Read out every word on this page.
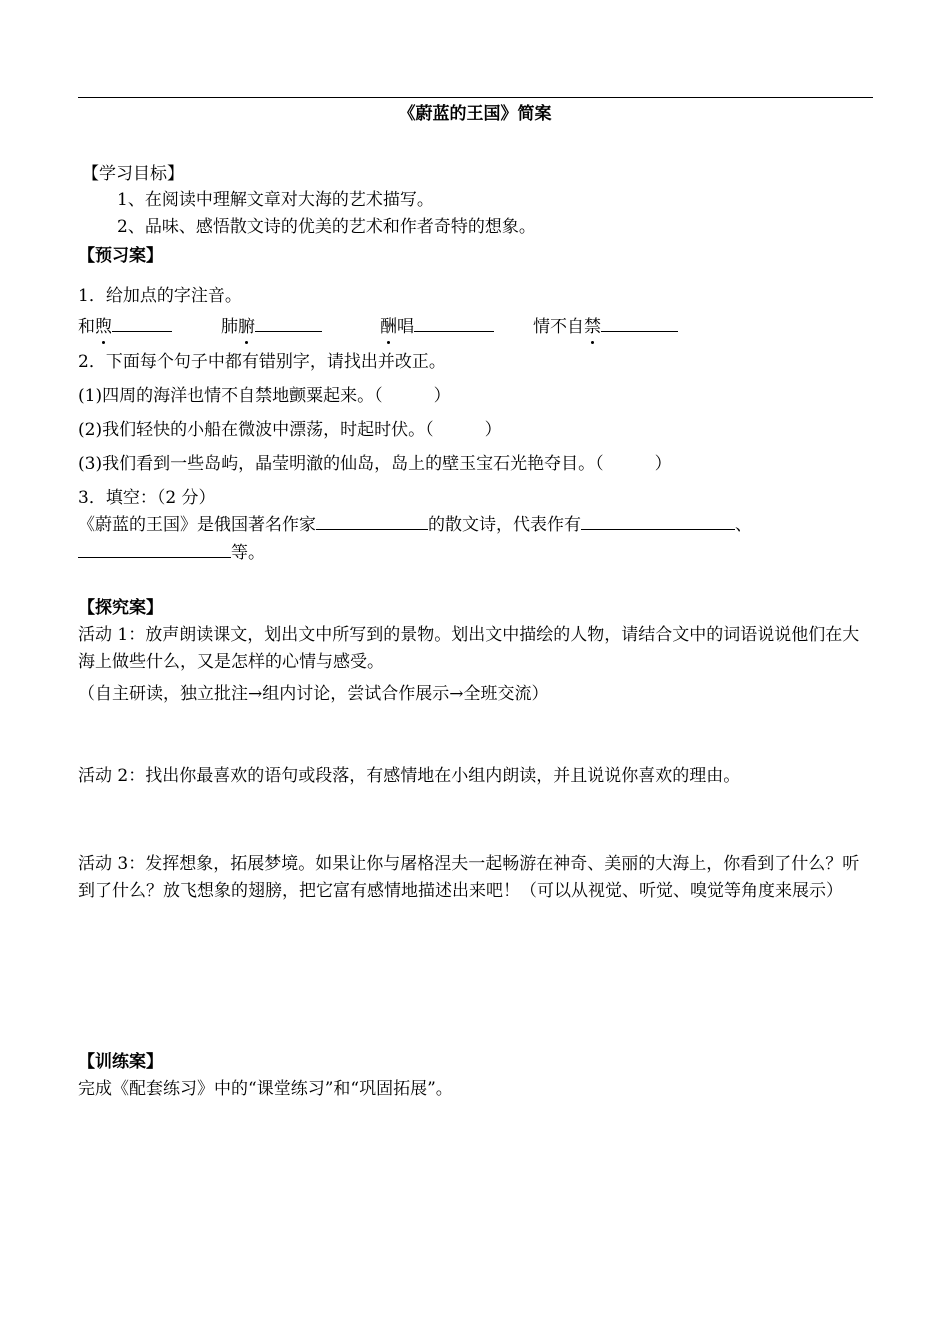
《蔚蓝的王国》简案
【学习目标】
1、在阅读中理解文章对大海的艺术描写。
2、品味、感悟散文诗的优美的艺术和作者奇特的想象。
【预习案】
1．给加点的字注音。
和煦	肺腑	酬唱	情不自禁
2．下面每个句子中都有错别字，请找出并改正。
(1)四周的海洋也情不自禁地颤粟起来。（　　　）
(2)我们轻快的小船在微波中漂荡，时起时伏。（　　　）
(3)我们看到一些岛屿，晶莹明澈的仙岛，岛上的壁玉宝石光艳夺目。（　　　）
3．填空：（2 分）
《蔚蓝的王国》是俄国著名作家	的散文诗，代表作有	、
等。
【探究案】
活动 1：放声朗读课文，划出文中所写到的景物。划出文中描绘的人物，请结合文中的词语说说他们在大海上做些什么，又是怎样的心情与感受。
（自主研读，独立批注→组内讨论，尝试合作展示→全班交流）
活动 2：找出你最喜欢的语句或段落，有感情地在小组内朗读，并且说说你喜欢的理由。
活动 3：发挥想象，拓展梦境。如果让你与屠格涅夫一起畅游在神奇、美丽的大海上，你看到了什么？听到了什么？放飞想象的翅膀，把它富有感情地描述出来吧！（可以从视觉、听觉、嗅觉等角度来展示）
【训练案】
完成《配套练习》中的“课堂练习”和“巩固拓展”。
